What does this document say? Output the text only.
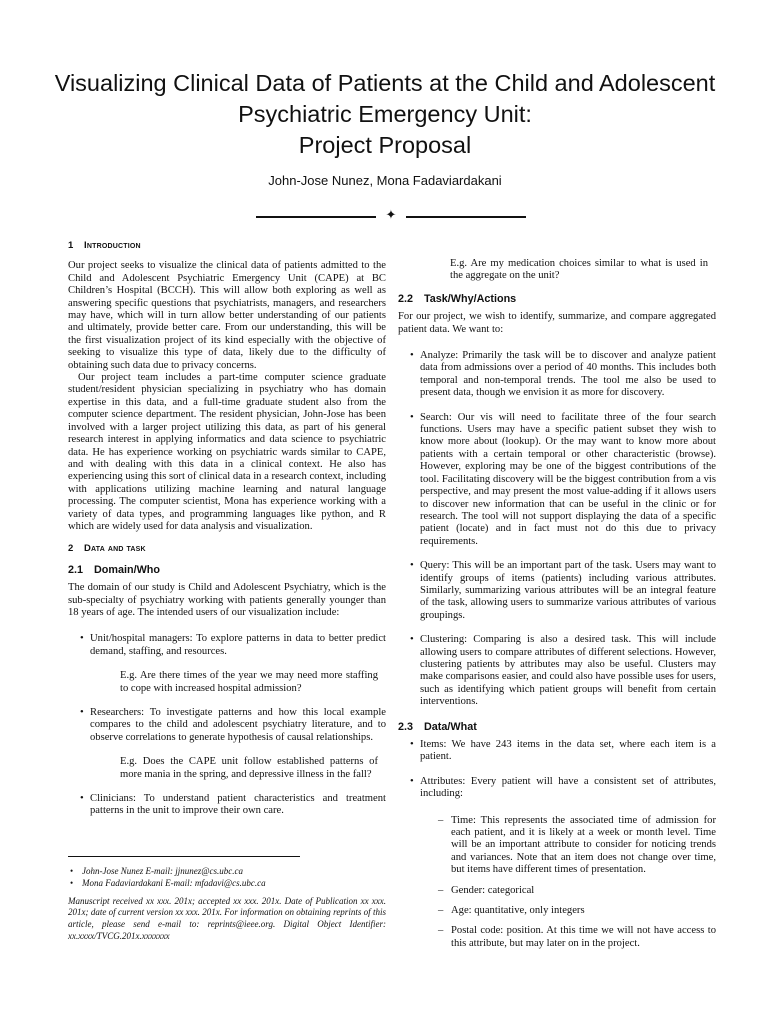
Visualizing Clinical Data of Patients at the Child and Adolescent
Psychiatric Emergency Unit:
Project Proposal
John-Jose Nunez, Mona Fadaviardakani
✦
1 Introduction

Our project seeks to visualize the clinical data of patients admitted to the Child and Adolescent Psychiatric Emergency Unit (CAPE) at BC Children’s Hospital (BCCH). This will allow both exploring as well as answering specific questions that psychiatrists, managers, and researchers may have, which will in turn allow better understanding of our patients and ultimately, provide better care. From our understanding, this will be the first visualization project of its kind especially with the objective of seeking to visualize this type of data, likely due to the difficulty of obtaining such data due to privacy concerns.

Our project team includes a part-time computer science graduate student/resident physician specializing in psychiatry who has domain expertise in this data, and a full-time graduate student also from the computer science department. The resident physician, John-Jose has been involved with a larger project utilizing this data, as part of his general research interest in applying informatics and data science to psychiatric data. He has experience working on psychiatric wards similar to CAPE, and with dealing with this data in a clinical context. He also has experiencing using this sort of clinical data in a research context, including with applications utilizing machine learning and natural language processing. The computer scientist, Mona has experience working with a variety of data types, and programming languages like python, and R which are widely used for data analysis and visualization.

2 Data and task
2.1 Domain/Who

The domain of our study is Child and Adolescent Psychiatry, which is the sub-specialty of psychiatry working with patients generally younger than 18 years of age. The intended users of our visualization include:

• Unit/hospital managers: To explore patterns in data to better predict demand, staffing, and resources.
E.g. Are there times of the year we may need more staffing to cope with increased hospital admission?
• Researchers: To investigate patterns and how this local example compares to the child and adolescent psychiatry literature, and to observe correlations to generate hypothesis of causal relationships.
E.g. Does the CAPE unit follow established patterns of more mania in the spring, and depressive illness in the fall?
• Clinicians: To understand patient characteristics and treatment patterns in the unit to improve their own care.
• John-Jose Nunez E-mail: jjnunez@cs.ubc.ca
• Mona Fadaviardakani E-mail: mfadavi@cs.ubc.ca
Manuscript received xx xxx. 201x; accepted xx xxx. 201x. Date of Publication xx xxx. 201x; date of current version xx xxx. 201x. For information on obtaining reprints of this article, please send e-mail to: reprints@ieee.org. Digital Object Identifier: xx.xxxx/TVCG.201x.xxxxxxx
E.g. Are my medication choices similar to what is used in the aggregate on the unit?
2.2 Task/Why/Actions

For our project, we wish to identify, summarize, and compare aggregated patient data. We want to:

• Analyze: Primarily the task will be to discover and analyze patient data from admissions over a period of 40 months. This includes both temporal and non-temporal trends. The tool me also be used to present data, though we envision it as more for discovery.
• Search: Our vis will need to facilitate three of the four search functions. Users may have a specific patient subset they wish to know more about (lookup). Or the may want to know more about patients with a certain temporal or other characteristic (browse). However, exploring may be one of the biggest contributions of the tool. Facilitating discovery will be the biggest contribution from a vis perspective, and may present the most value-adding if it allows users to discover new information that can be useful in the clinic or for research. The tool will not support displaying the data of a specific patient (locate) and in fact must not do this due to privacy requirements.
• Query: This will be an important part of the task. Users may want to identify groups of items (patients) including various attributes. Similarly, summarizing various attributes will be an integral feature of the task, allowing users to summarize various attributes of various groupings.
• Clustering: Comparing is also a desired task. This will include allowing users to compare attributes of different selections. However, clustering patients by attributes may also be useful. Clusters may make comparisons easier, and could also have possible uses for users, such as identifying which patient groups will benefit from certain interventions.
2.3 Data/What
• Items: We have 243 items in the data set, where each item is a patient.
• Attributes: Every patient will have a consistent set of attributes, including:
– Time: This represents the associated time of admission for each patient, and it is likely at a week or month level. Time will be an important attribute to consider for noticing trends and variances. Note that an item does not change over time, but items have different times of presentation.
– Gender: categorical
– Age: quantitative, only integers
– Postal code: position. At this time we will not have access to this attribute, but may later on in the project.
